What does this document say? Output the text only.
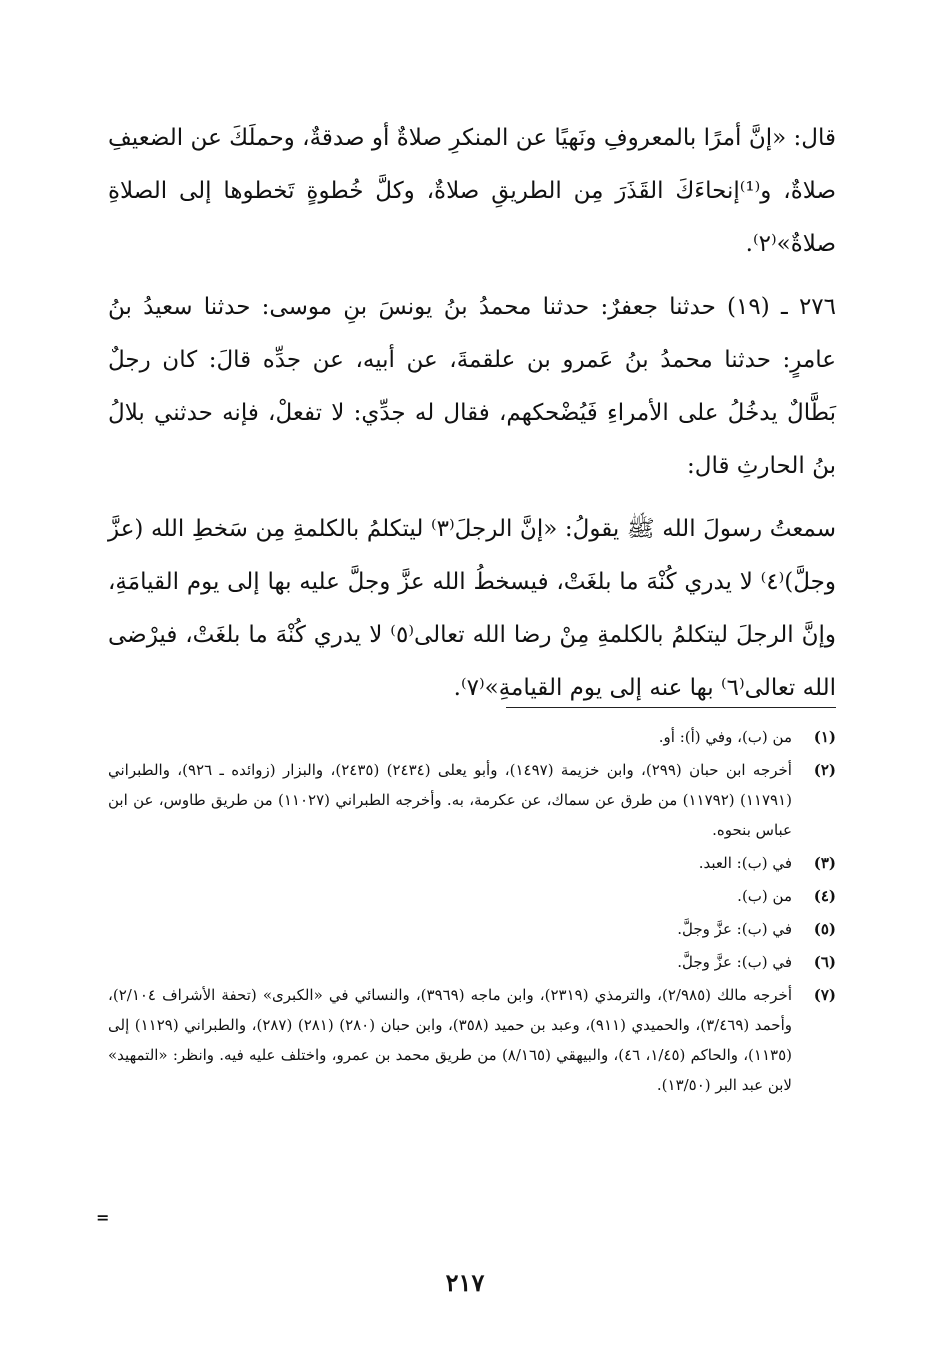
قال: «إنَّ أمرًا بالمعروفِ ونَهيًا عن المنكرِ صلاةٌ أو صدقةٌ، وحملَكَ عن الضعيفِ صلاةٌ، و⁽¹⁾إنحاءَكَ القَذَرَ مِن الطريقِ صلاةٌ، وكلَّ خُطوةٍ تَخطوها إلى الصلاةِ صلاةٌ»⁽٢⁾.

٢٧٦ ـ (١٩) حدثنا جعفرٌ: حدثنا محمدُ بنُ يونسَ بنِ موسى: حدثنا سعيدُ بنُ عامرٍ: حدثنا محمدُ بنُ عَمرو بن علقمةَ، عن أبيه، عن جدِّه قالَ: كان رجلٌ بَطَّالٌ يدخُلُ على الأمراءِ فَيُضْحكهم، فقال له جدِّي: لا تفعلْ، فإنه حدثني بلالُ بنُ الحارثِ قال:

سمعتُ رسولَ الله ﷺ يقولُ: «إنَّ الرجلَ⁽٣⁾ ليتكلمُ بالكلمةِ مِن سَخطِ الله (عزَّ وجلَّ)⁽٤⁾ لا يدري كُنْهَ ما بلغَتْ، فيسخطُ الله عزَّ وجلَّ عليه بها إلى يوم القيامَةِ، وإنَّ الرجلَ ليتكلمُ بالكلمةِ مِنْ رضا الله تعالى⁽٥⁾ لا يدري كُنْهَ ما بلغَتْ، فيرْضى الله تعالى⁽٦⁾ بها عنه إلى يوم القيامةِ»⁽٧⁾.

(١)
من (ب)، وفي (أ): أو.
(٢)
أخرجه ابن حبان (٢٩٩)، وابن خزيمة (١٤٩٧)، وأبو يعلى (٢٤٣٤) (٢٤٣٥)، والبزار (زوائده ـ ٩٢٦)، والطبراني (١١٧٩١) (١١٧٩٢) من طرق عن سماك، عن عكرمة، به. وأخرجه الطبراني (١١٠٢٧) من طريق طاوس، عن ابن عباس بنحوه.
(٣)
في (ب): العبد.
(٤)
من (ب).
(٥)
في (ب): عزَّ وجلَّ.
(٦)
في (ب): عزَّ وجلَّ.
(٧)
أخرجه مالك (٢/٩٨٥)، والترمذي (٢٣١٩)، وابن ماجه (٣٩٦٩)، والنسائي في «الكبرى» (تحفة الأشراف ٢/١٠٤)، وأحمد (٣/٤٦٩)، والحميدي (٩١١)، وعبد بن حميد (٣٥٨)، وابن حبان (٢٨٠) (٢٨١) (٢٨٧)، والطبراني (١١٢٩) إلى (١١٣٥)، والحاكم (١/٤٥، ٤٦)، والبيهقي (٨/١٦٥) من طريق محمد بن عمرو، واختلف عليه فيه. وانظر: «التمهيد» لابن عبد البر (١٣/٥٠).
=
٢١٧
